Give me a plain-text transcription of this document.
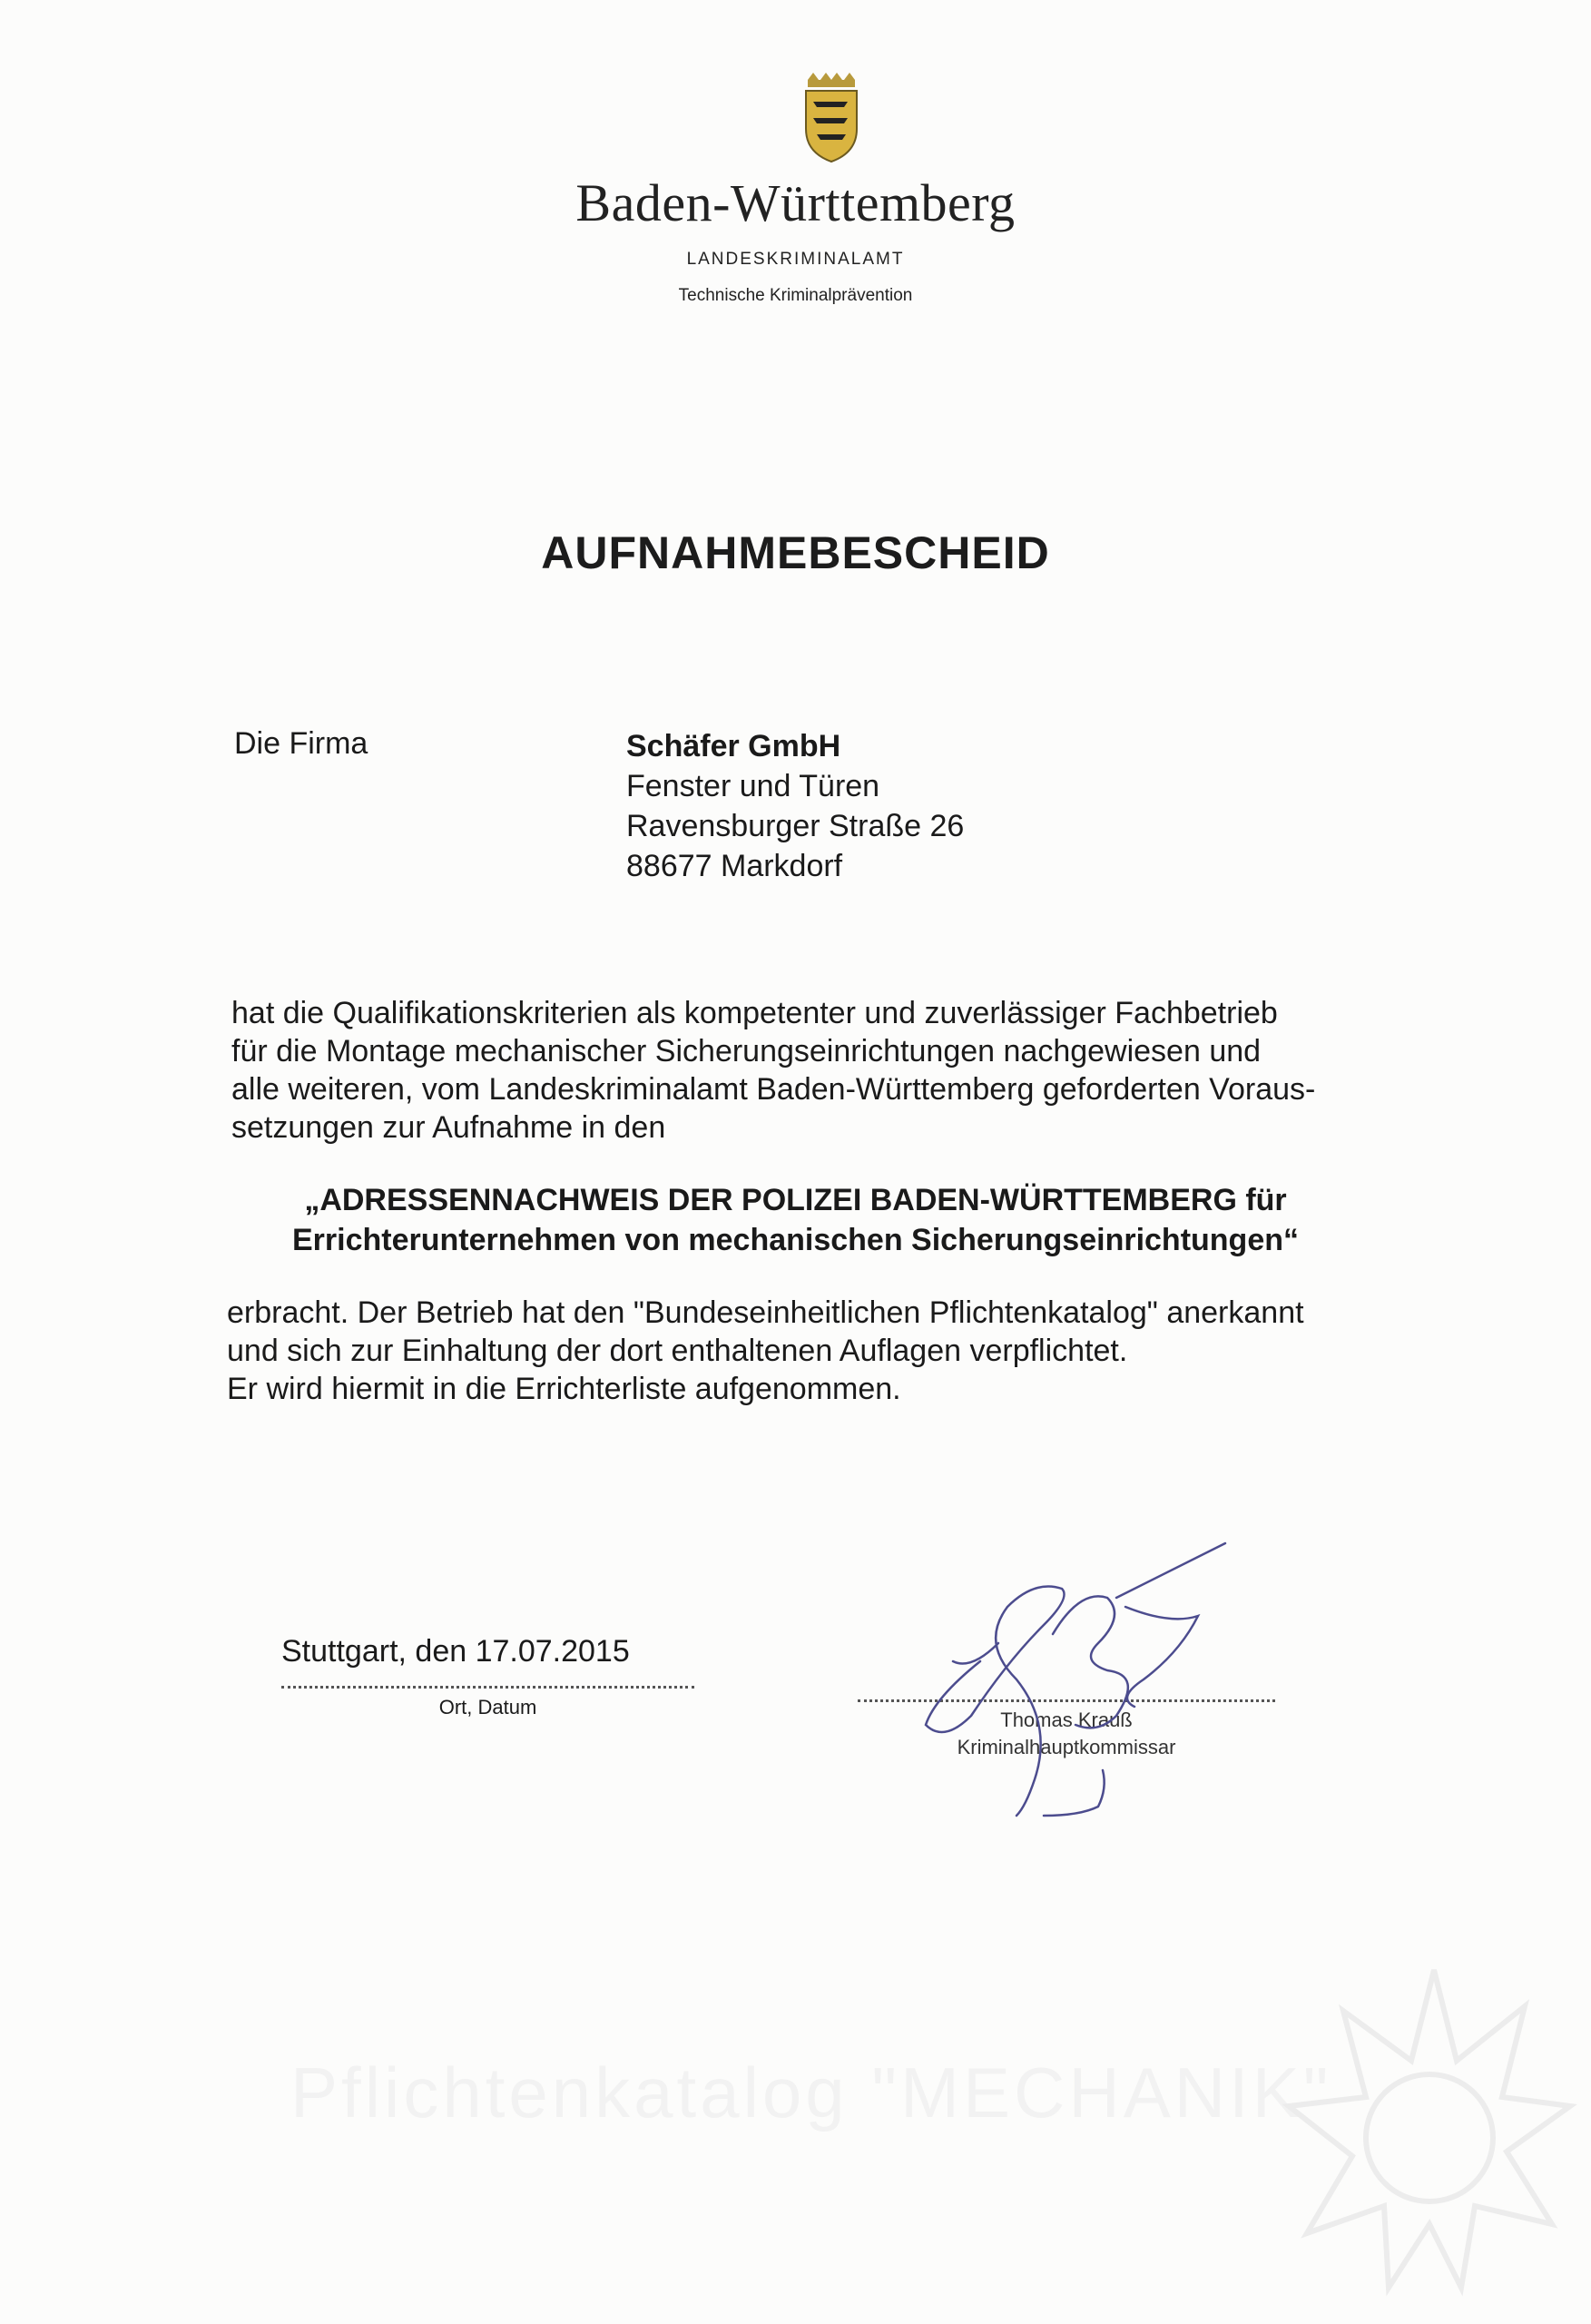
Baden-Württemberg
LANDESKRIMINALAMT
Technische Kriminalprävention
AUFNAHMEBESCHEID
Die Firma	Schäfer GmbH
Fenster und Türen
Ravensburger Straße 26
88677 Markdorf
hat die Qualifikationskriterien als kompetenter und zuverlässiger Fachbetrieb
für die Montage mechanischer Sicherungseinrichtungen nachgewiesen und
alle weiteren, vom Landeskriminalamt Baden-Württemberg geforderten Voraus-
setzungen zur Aufnahme in den
„ADRESSENNACHWEIS DER POLIZEI BADEN-WÜRTTEMBERG für
Errichterunternehmen von mechanischen Sicherungseinrichtungen“
erbracht. Der Betrieb hat den "Bundeseinheitlichen Pflichtenkatalog" anerkannt
und sich zur Einhaltung der dort enthaltenen Auflagen verpflichtet.
Er wird hiermit in die Errichterliste aufgenommen.
Stuttgart, den 17.07.2015
Ort, Datum
Thomas Krauß
Kriminalhauptkommissar
Pflichtenkatalog "MECHANIK"
